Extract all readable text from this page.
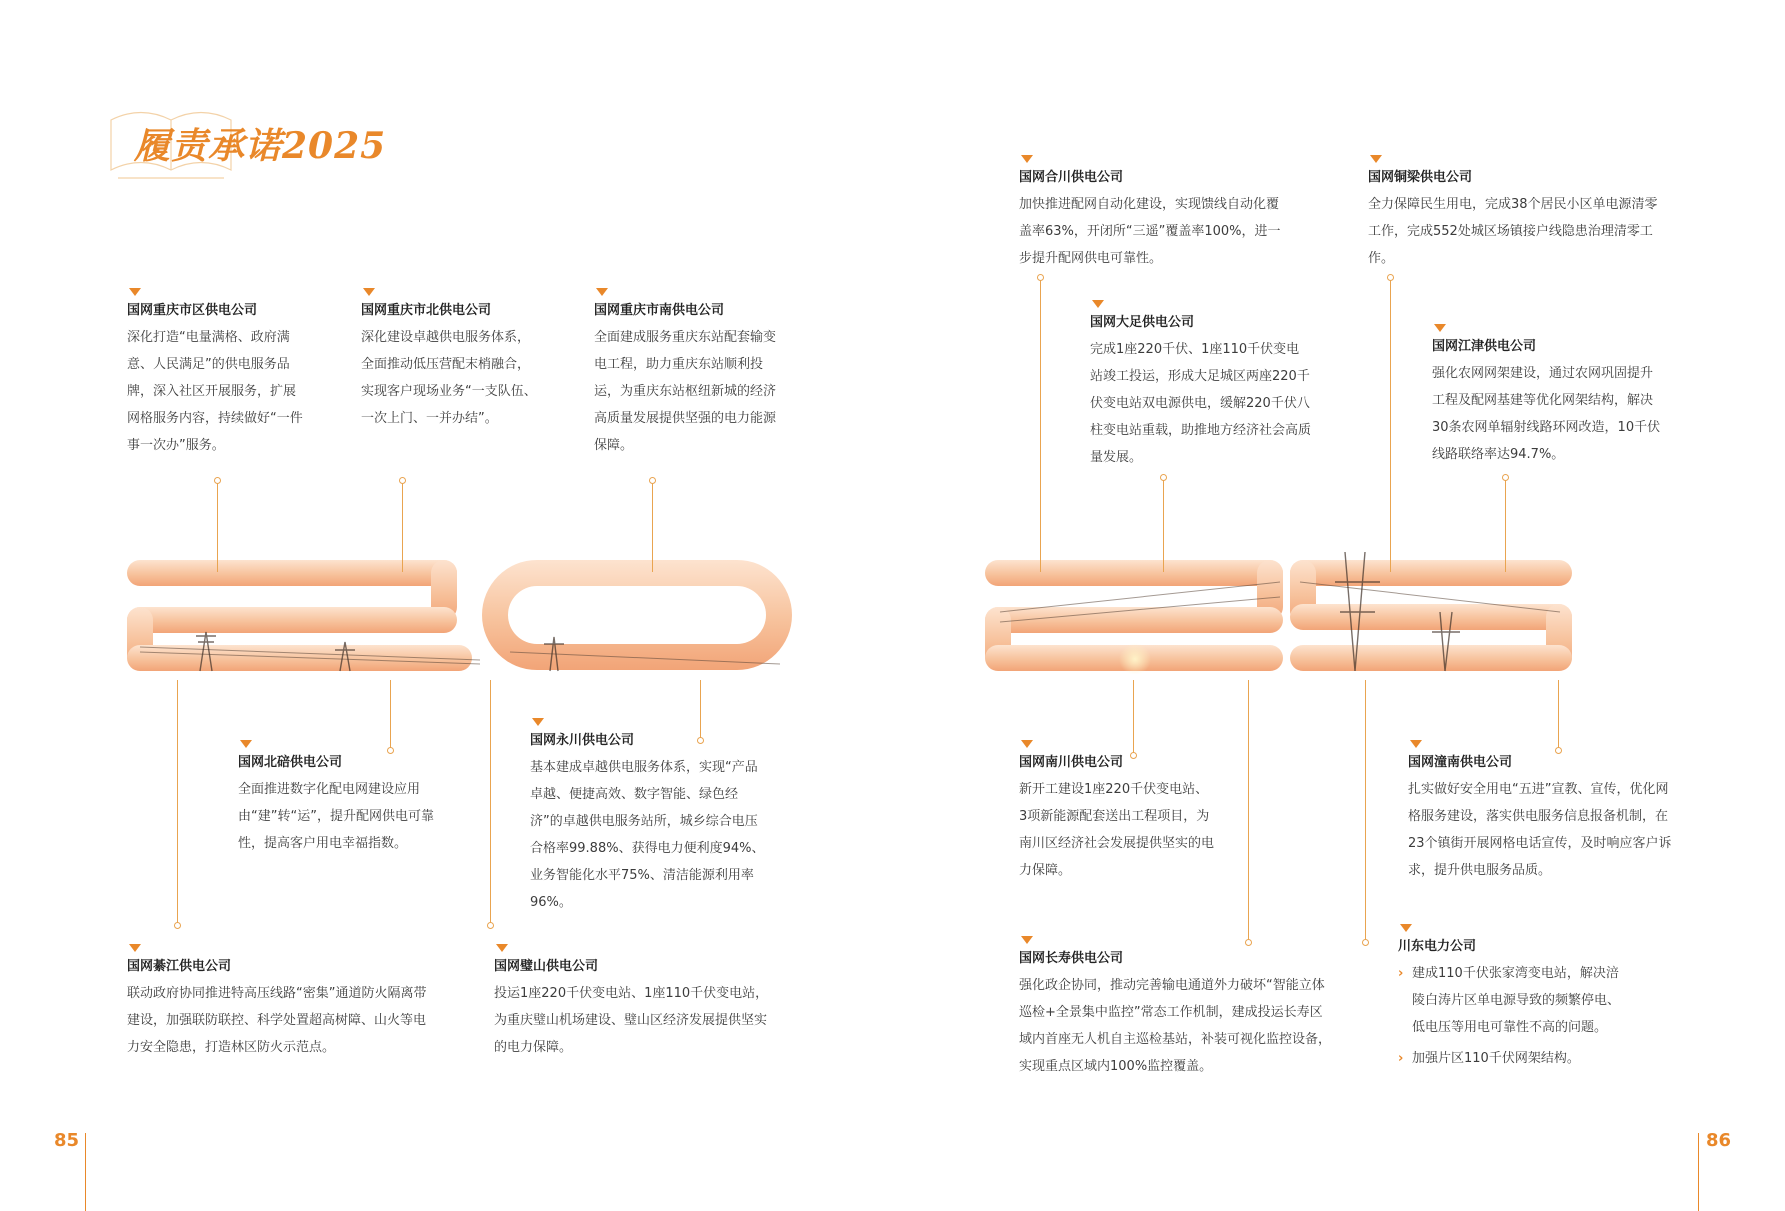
履责承诺2025
国网重庆市区供电公司
深化打造“电量满格、政府满意、人民满足”的供电服务品牌，深入社区开展服务，扩展网格服务内容，持续做好“一件事一次办”服务。
国网重庆市北供电公司
深化建设卓越供电服务体系，全面推动低压营配末梢融合，实现客户现场业务“一支队伍、一次上门、一并办结”。
国网重庆市南供电公司
全面建成服务重庆东站配套输变电工程，助力重庆东站顺利投运，为重庆东站枢纽新城的经济高质量发展提供坚强的电力能源保障。
国网北碚供电公司
全面推进数字化配电网建设应用由“建”转“运”，提升配网供电可靠性，提高客户用电幸福指数。
国网永川供电公司
基本建成卓越供电服务体系，实现“产品卓越、便捷高效、数字智能、绿色经济”的卓越供电服务站所，城乡综合电压合格率99.88%、获得电力便利度94%、业务智能化水平75%、清洁能源利用率96%。
国网綦江供电公司
联动政府协同推进特高压线路“密集”通道防火隔离带建设，加强联防联控、科学处置超高树障、山火等电力安全隐患，打造林区防火示范点。
国网璧山供电公司
投运1座220千伏变电站、1座110千伏变电站，为重庆璧山机场建设、璧山区经济发展提供坚实的电力保障。
国网合川供电公司
加快推进配网自动化建设，实现馈线自动化覆盖率63%，开闭所“三遥”覆盖率100%，进一步提升配网供电可靠性。
国网铜梁供电公司
全力保障民生用电，完成38个居民小区单电源清零工作，完成552处城区场镇接户线隐患治理清零工作。
国网大足供电公司
完成1座220千伏、1座110千伏变电站竣工投运，形成大足城区两座220千伏变电站双电源供电，缓解220千伏八柱变电站重载，助推地方经济社会高质量发展。
国网江津供电公司
强化农网网架建设，通过农网巩固提升工程及配网基建等优化网架结构，解决30条农网单辐射线路环网改造，10千伏线路联络率达94.7%。
国网南川供电公司
新开工建设1座220千伏变电站、3项新能源配套送出工程项目，为南川区经济社会发展提供坚实的电力保障。
国网潼南供电公司
扎实做好安全用电“五进”宣教、宣传，优化网格服务建设，落实供电服务信息报备机制，在23个镇街开展网格电话宣传，及时响应客户诉求，提升供电服务品质。
国网长寿供电公司
强化政企协同，推动完善输电通道外力破坏“智能立体巡检+全景集中监控”常态工作机制，建成投运长寿区域内首座无人机自主巡检基站，补装可视化监控设备，实现重点区域内100%监控覆盖。
川东电力公司
› 建成110千伏张家湾变电站，解决涪陵白涛片区单电源导致的频繁停电、低电压等用电可靠性不高的问题。
› 加强片区110千伏网架结构。
85	86
